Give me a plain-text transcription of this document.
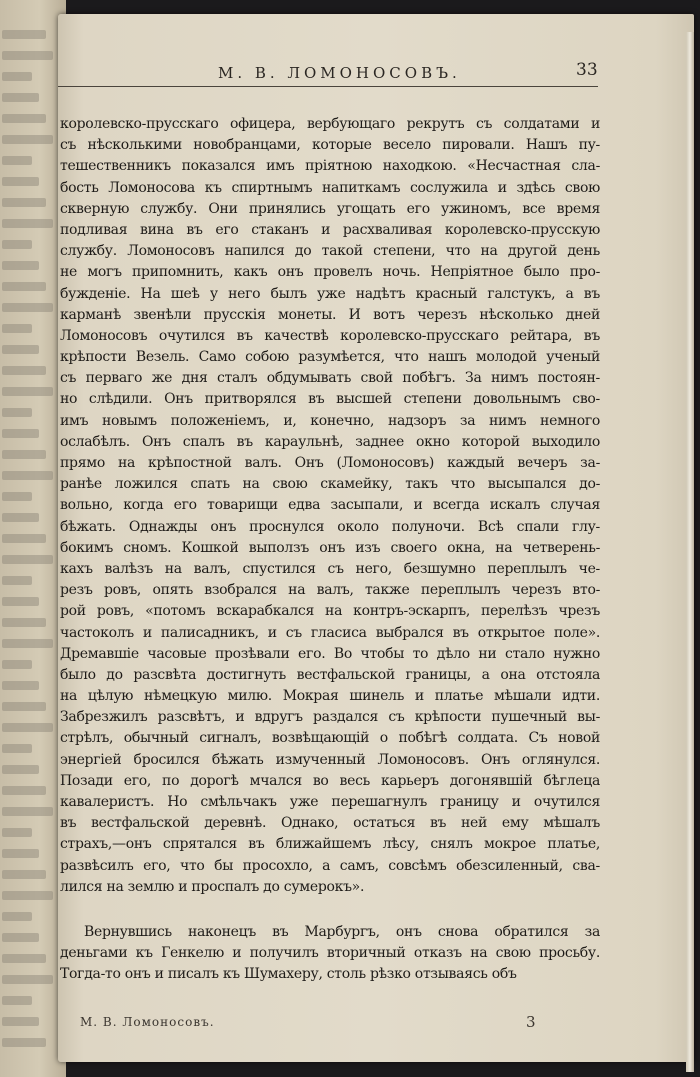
М. В. ЛОМОНОСОВЪ.	33
королевско-прусскаго офицера, вербующаго рекрутъ съ солдатами и
съ нѣсколькими новобранцами, которые весело пировали. Нашъ пу-
тешественникъ показался имъ пріятною находкою. «Несчастная сла-
бость Ломоносова къ спиртнымъ напиткамъ сослужила и здѣсь свою
скверную службу. Они принялись угощать его ужиномъ, все время
подливая вина въ его стаканъ и расхваливая королевско-прусскую
службу. Ломоносовъ напился до такой степени, что на другой день
не могъ припомнить, какъ онъ провелъ ночь. Непріятное было про-
бужденіе. На шеѣ у него былъ уже надѣтъ красный галстукъ, а въ
карманѣ звенѣли прусскія монеты. И вотъ черезъ нѣсколько дней
Ломоносовъ очутился въ качествѣ королевско-прусскаго рейтара, въ
крѣпости Везель. Само собою разумѣется, что нашъ молодой ученый
съ перваго же дня сталъ обдумывать свой побѣгъ. За нимъ постоян-
но слѣдили. Онъ притворялся въ высшей степени довольнымъ сво-
имъ новымъ положеніемъ, и, конечно, надзоръ за нимъ немного
ослабѣлъ. Онъ спалъ въ караульнѣ, заднее окно которой выходило
прямо на крѣпостной валъ. Онъ (Ломоносовъ) каждый вечеръ за-
ранѣе ложился спать на свою скамейку, такъ что высыпался до-
вольно, когда его товарищи едва засыпали, и всегда искалъ случая
бѣжать. Однажды онъ проснулся около полуночи. Всѣ спали глу-
бокимъ сномъ. Кошкой выползъ онъ изъ своего окна, на четверень-
кахъ валѣзъ на валъ, спустился съ него, безшумно переплылъ че-
резъ ровъ, опять взобрался на валъ, также переплылъ черезъ вто-
рой ровъ, «потомъ вскарабкался на контръ-эскарпъ, перелѣзъ чрезъ
частоколъ и палисадникъ, и съ гласиса выбрался въ открытое поле».
Дремавшіе часовые прозѣвали его. Во чтобы то дѣло ни стало нужно
было до разсвѣта достигнуть вестфальской границы, а она отстояла
на цѣлую нѣмецкую милю. Мокрая шинель и платье мѣшали идти.
Забрезжилъ разсвѣтъ, и вдругъ раздался съ крѣпости пушечный вы-
стрѣлъ, обычный сигналъ, возвѣщающій о побѣгѣ солдата. Съ новой
энергіей бросился бѣжать измученный Ломоносовъ. Онъ оглянулся.
Позади его, по дорогѣ мчался во весь карьеръ догонявшій бѣглеца
кавалеристъ. Но смѣльчакъ уже перешагнулъ границу и очутился
въ вестфальской деревнѣ. Однако, остаться въ ней ему мѣшалъ
страхъ,—онъ спрятался въ ближайшемъ лѣсу, снялъ мокрое платье,
развѣсилъ его, что бы просохло, а самъ, совсѣмъ обезсиленный, сва-
лился на землю и проспалъ до сумерокъ».
Вернувшись наконецъ въ Марбургъ, онъ снова обратился за
деньгами къ Генкелю и получилъ вторичный отказъ на свою просьбу.
Тогда-то онъ и писалъ къ Шумахеру, столь рѣзко отзываясь объ
М. В. Ломоносовъ.	3
